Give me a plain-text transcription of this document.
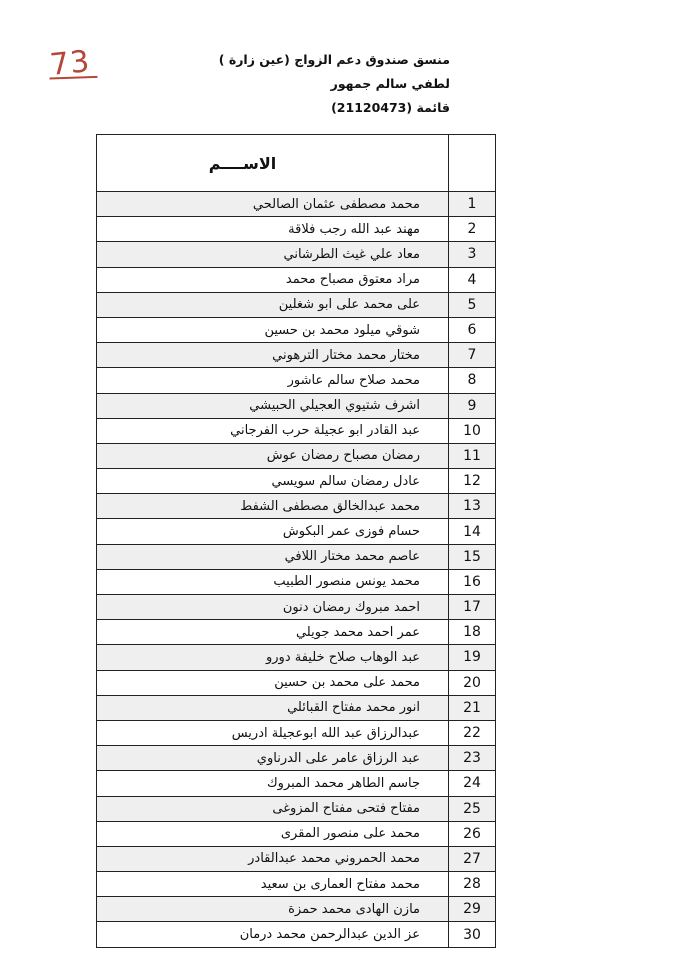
73	منسق صندوق دعم الزواج (عين زارة ) لطفي سالم جمهور
قائمة (21120473)
	الاســــم
1	محمد مصطفى عثمان الصالحي
2	مهند عبد الله رجب فلاقة
3	معاد علي غيث الطرشاني
4	مراد معتوق مصباح محمد
5	على محمد على ابو شغلين
6	شوقي ميلود محمد بن حسين
7	مختار محمد مختار الترهوني
8	محمد صلاح سالم عاشور
9	اشرف شتيوي العجيلي الحبيشي
10	عبد القادر ابو عجيلة حرب الفرجاني
11	رمضان مصباح رمضان عوش
12	عادل رمضان سالم سويسي
13	محمد عبدالخالق مصطفى الشفط
14	حسام فوزى عمر البكوش
15	عاصم محمد مختار اللافي
16	محمد يونس منصور الطبيب
17	احمد مبروك رمضان دنون
18	عمر احمد محمد جويلي
19	عبد الوهاب صلاح خليفة دورو
20	محمد على محمد بن حسين
21	انور محمد مفتاح القبائلي
22	عبدالرزاق عبد الله ابوعجيلة ادريس
23	عبد الرزاق عامر على الدرناوي
24	جاسم الطاهر محمد المبروك
25	مفتاح فتحى مفتاح المزوغى
26	محمد على منصور المقرى
27	محمد الحمروني محمد عبدالقادر
28	محمد مفتاح العمارى بن سعيد
29	مازن الهادى محمد حمزة
30	عز الدين عبدالرحمن محمد درمان
